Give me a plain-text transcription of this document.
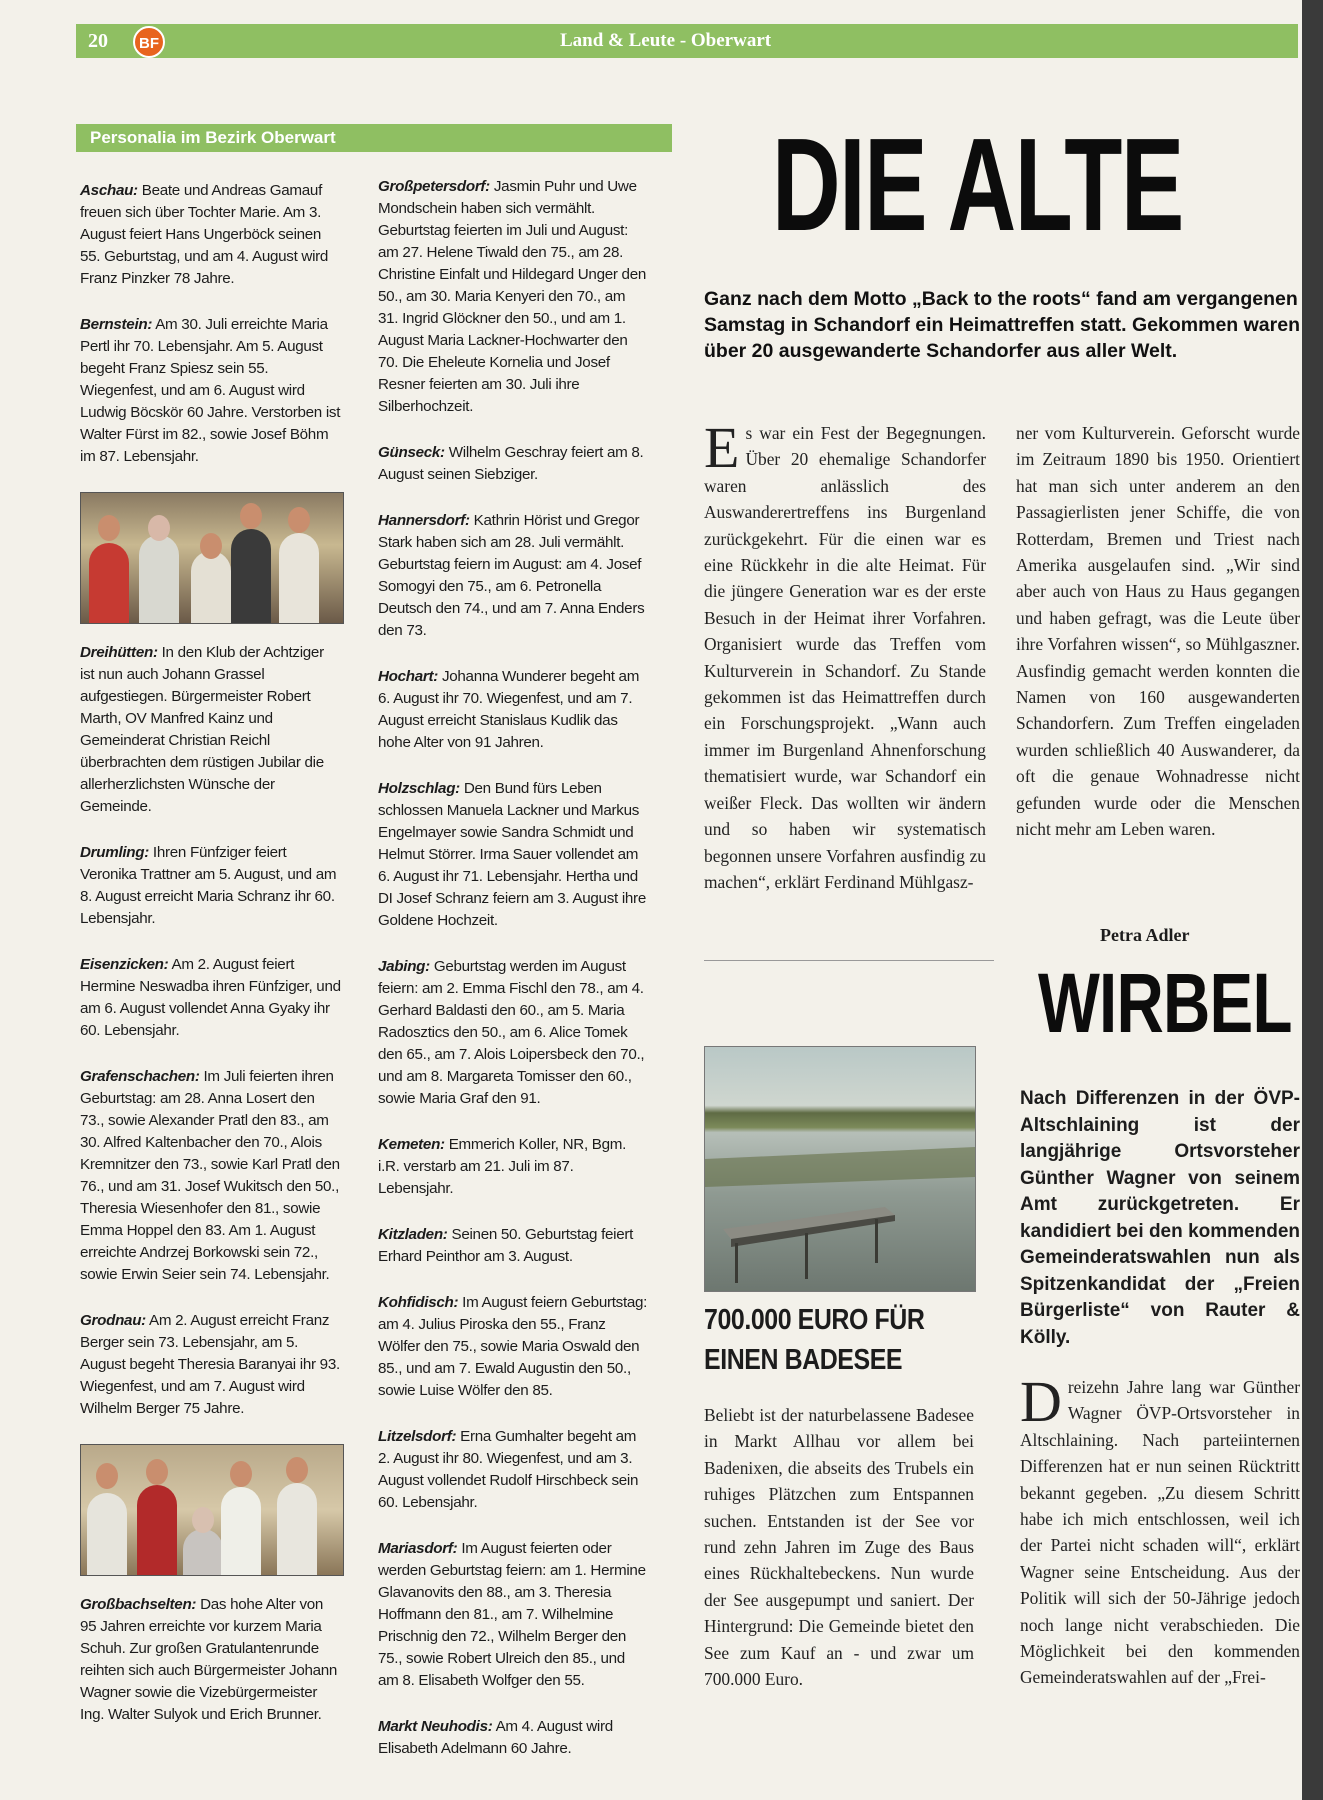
20	BF	Land & Leute - Oberwart
Personalia im Bezirk Oberwart

Aschau: Beate und Andreas Gamauf freuen sich über Tochter Marie. Am 3. August feiert Hans Ungerböck seinen 55. Geburtstag, und am 4. August wird Franz Pinzker 78 Jahre.

Bernstein: Am 30. Juli erreichte Maria Pertl ihr 70. Lebensjahr. Am 5. August begeht Franz Spiesz sein 55. Wiegenfest, und am 6. August wird Ludwig Böcskör 60 Jahre. Verstorben ist Walter Fürst im 82., sowie Josef Böhm im 87. Lebensjahr.

Dreihütten: In den Klub der Achtziger ist nun auch Johann Grassel aufgestiegen. Bürgermeister Robert Marth, OV Manfred Kainz und Gemeinderat Christian Reichl überbrachten dem rüstigen Jubilar die allerherzlichsten Wünsche der Gemeinde.

Drumling: Ihren Fünfziger feiert Veronika Trattner am 5. August, und am 8. August erreicht Maria Schranz ihr 60. Lebensjahr.

Eisenzicken: Am 2. August feiert Hermine Neswadba ihren Fünfziger, und am 6. August vollendet Anna Gyaky ihr 60. Lebensjahr.

Grafenschachen: Im Juli feierten ihren Geburtstag: am 28. Anna Losert den 73., sowie Alexander Pratl den 83., am 30. Alfred Kaltenbacher den 70., Alois Kremnitzer den 73., sowie Karl Pratl den 76., und am 31. Josef Wukitsch den 50., Theresia Wiesenhofer den 81., sowie Emma Hoppel den 83. Am 1. August erreichte Andrzej Borkowski sein 72., sowie Erwin Seier sein 74. Lebensjahr.

Grodnau: Am 2. August erreicht Franz Berger sein 73. Lebensjahr, am 5. August begeht Theresia Baranyai ihr 93. Wiegenfest, und am 7. August wird Wilhelm Berger 75 Jahre.

Großbachselten: Das hohe Alter von 95 Jahren erreichte vor kurzem Maria Schuh. Zur großen Gratulantenrunde reihten sich auch Bürgermeister Johann Wagner sowie die Vizebürgermeister Ing. Walter Sulyok und Erich Brunner.

Großpetersdorf: Jasmin Puhr und Uwe Mondschein haben sich vermählt. Geburtstag feierten im Juli und August: am 27. Helene Tiwald den 75., am 28. Christine Einfalt und Hildegard Unger den 50., am 30. Maria Kenyeri den 70., am 31. Ingrid Glöckner den 50., und am 1. August Maria Lackner-Hochwarter den 70. Die Eheleute Kornelia und Josef Resner feierten am 30. Juli ihre Silberhochzeit.

Günseck: Wilhelm Geschray feiert am 8. August seinen Siebziger.

Hannersdorf: Kathrin Hörist und Gregor Stark haben sich am 28. Juli vermählt. Geburtstag feiern im August: am 4. Josef Somogyi den 75., am 6. Petronella Deutsch den 74., und am 7. Anna Enders den 73.

Hochart: Johanna Wunderer begeht am 6. August ihr 70. Wiegenfest, und am 7. August erreicht Stanislaus Kudlik das hohe Alter von 91 Jahren.

Holzschlag: Den Bund fürs Leben schlossen Manuela Lackner und Markus Engelmayer sowie Sandra Schmidt und Helmut Störrer. Irma Sauer vollendet am 6. August ihr 71. Lebensjahr. Hertha und DI Josef Schranz feiern am 3. August ihre Goldene Hochzeit.

Jabing: Geburtstag werden im August feiern: am 2. Emma Fischl den 78., am 4. Gerhard Baldasti den 60., am 5. Maria Radosztics den 50., am 6. Alice Tomek den 65., am 7. Alois Loipersbeck den 70., und am 8. Margareta Tomisser den 60., sowie Maria Graf den 91.

Kemeten: Emmerich Koller, NR, Bgm. i.R. verstarb am 21. Juli im 87. Lebensjahr.

Kitzladen: Seinen 50. Geburtstag feiert Erhard Peinthor am 3. August.

Kohfidisch: Im August feiern Geburtstag: am 4. Julius Piroska den 55., Franz Wölfer den 75., sowie Maria Oswald den 85., und am 7. Ewald Augustin den 50., sowie Luise Wölfer den 85.

Litzelsdorf: Erna Gumhalter begeht am 2. August ihr 80. Wiegenfest, und am 3. August vollendet Rudolf Hirschbeck sein 60. Lebensjahr.

Mariasdorf: Im August feierten oder werden Geburtstag feiern: am 1. Hermine Glavanovits den 88., am 3. Theresia Hoffmann den 81., am 7. Wilhelmine Prischnig den 72., Wilhelm Berger den 75., sowie Robert Ulreich den 85., und am 8. Elisabeth Wolfger den 55.

Markt Neuhodis: Am 4. August wird Elisabeth Adelmann 60 Jahre.

DIE ALTE
Ganz nach dem Motto „Back to the roots“ fand am vergangenen Samstag in Schandorf ein Heimattreffen statt. Gekommen waren über 20 ausgewanderte Schandorfer aus aller Welt.
Es war ein Fest der Begegnungen. Über 20 ehemalige Schandorfer waren anlässlich des Auswanderertreffens ins Burgenland zurückgekehrt. Für die einen war es eine Rückkehr in die alte Heimat. Für die jüngere Generation war es der erste Besuch in der Heimat ihrer Vorfahren. Organisiert wurde das Treffen vom Kulturverein in Schandorf. Zu Stande gekommen ist das Heimattreffen durch ein Forschungsprojekt. „Wann auch immer im Burgenland Ahnenforschung thematisiert wurde, war Schandorf ein weißer Fleck. Das wollten wir ändern und so haben wir systematisch begonnen unsere Vorfahren ausfindig zu machen“, erklärt Ferdinand Mühlgasz-
ner vom Kulturverein. Geforscht wurde im Zeitraum 1890 bis 1950. Orientiert hat man sich unter anderem an den Passagierlisten jener Schiffe, die von Rotterdam, Bremen und Triest nach Amerika ausgelaufen sind. „Wir sind aber auch von Haus zu Haus gegangen und haben gefragt, was die Leute über ihre Vorfahren wissen“, so Mühlgaszner. Ausfindig gemacht werden konnten die Namen von 160 ausgewanderten Schandorfern. Zum Treffen eingeladen wurden schließlich 40 Auswanderer, da oft die genaue Wohnadresse nicht gefunden wurde oder die Menschen nicht mehr am Leben waren.
Petra Adler
700.000 EURO FÜR EINEN BADESEE
Beliebt ist der naturbelassene Badesee in Markt Allhau vor allem bei Badenixen, die abseits des Trubels ein ruhiges Plätzchen zum Entspannen suchen. Entstanden ist der See vor rund zehn Jahren im Zuge des Baus eines Rückhaltebeckens. Nun wurde der See ausgepumpt und saniert. Der Hintergrund: Die Gemeinde bietet den See zum Kauf an - und zwar um 700.000 Euro.
WIRBEL
Nach Differenzen in der ÖVP-Altschlaining ist der langjährige Ortsvorsteher Günther Wagner von seinem Amt zurückgetreten. Er kandidiert bei den kommenden Gemeinderatswahlen nun als Spitzenkandidat der „Freien Bürgerliste“ von Rauter & Kölly.
Dreizehn Jahre lang war Günther Wagner ÖVP-Ortsvorsteher in Altschlaining. Nach parteiinternen Differenzen hat er nun seinen Rücktritt bekannt gegeben. „Zu diesem Schritt habe ich mich entschlossen, weil ich der Partei nicht schaden will“, erklärt Wagner seine Entscheidung. Aus der Politik will sich der 50-Jährige jedoch noch lange nicht verabschieden. Die Möglichkeit bei den kommenden Gemeinderatswahlen auf der „Frei-
